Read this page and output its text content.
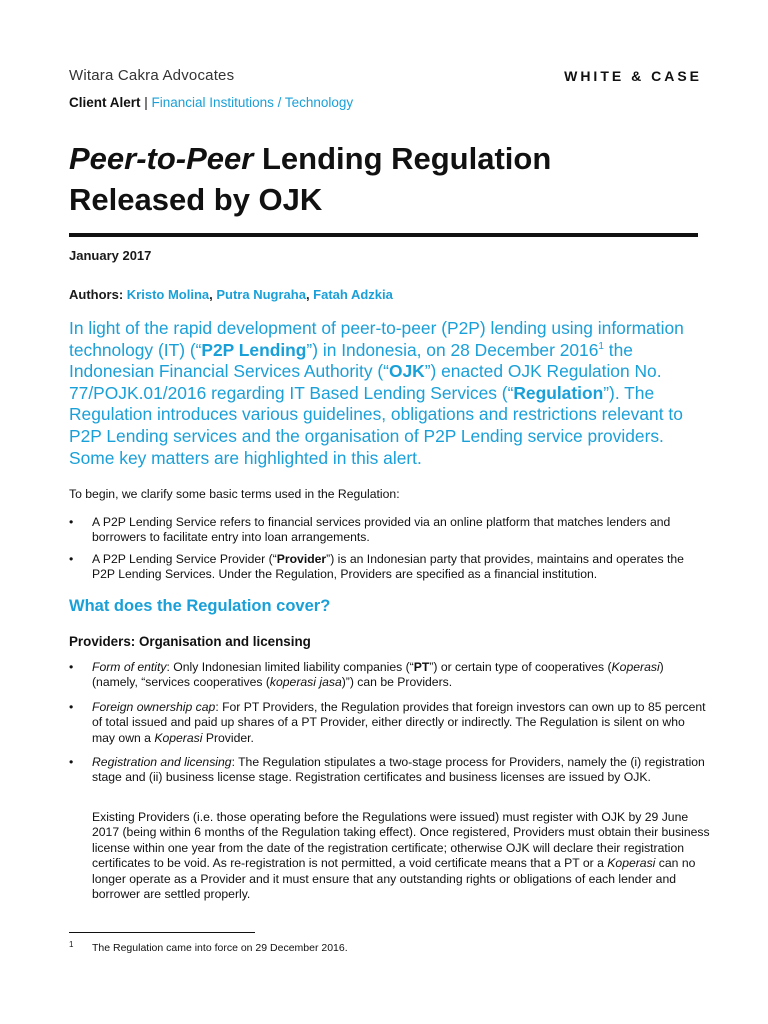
Witara Cakra Advocates	WHITE & CASE
Client Alert | Financial Institutions / Technology
Peer-to-Peer Lending Regulation
Released by OJK
January 2017
Authors: Kristo Molina, Putra Nugraha, Fatah Adzkia
In light of the rapid development of peer-to-peer (P2P) lending using information technology (IT) (“P2P Lending”) in Indonesia, on 28 December 2016$^1$ the Indonesian Financial Services Authority (“OJK”) enacted OJK Regulation No. 77/POJK.01/2016 regarding IT Based Lending Services (“Regulation”). The Regulation introduces various guidelines, obligations and restrictions relevant to P2P Lending services and the organisation of P2P Lending service providers. Some key matters are highlighted in this alert.
To begin, we clarify some basic terms used in the Regulation:
•	A P2P Lending Service refers to financial services provided via an online platform that matches lenders and borrowers to facilitate entry into loan arrangements.
•	A P2P Lending Service Provider (“Provider”) is an Indonesian party that provides, maintains and operates the P2P Lending Services. Under the Regulation, Providers are specified as a financial institution.
What does the Regulation cover?
Providers: Organisation and licensing
•	Form of entity: Only Indonesian limited liability companies (“PT”) or certain type of cooperatives (Koperasi) (namely, “services cooperatives (koperasi jasa)”) can be Providers.
•	Foreign ownership cap: For PT Providers, the Regulation provides that foreign investors can own up to 85 percent of total issued and paid up shares of a PT Provider, either directly or indirectly. The Regulation is silent on who may own a Koperasi Provider.
•	Registration and licensing: The Regulation stipulates a two-stage process for Providers, namely the (i) registration stage and (ii) business license stage. Registration certificates and business licenses are issued by OJK.
Existing Providers (i.e. those operating before the Regulations were issued) must register with OJK by 29 June 2017 (being within 6 months of the Regulation taking effect). Once registered, Providers must obtain their business license within one year from the date of the registration certificate; otherwise OJK will declare their registration certificates to be void. As re-registration is not permitted, a void certificate means that a PT or a Koperasi can no longer operate as a Provider and it must ensure that any outstanding rights or obligations of each lender and borrower are settled properly.
1 The Regulation came into force on 29 December 2016.
